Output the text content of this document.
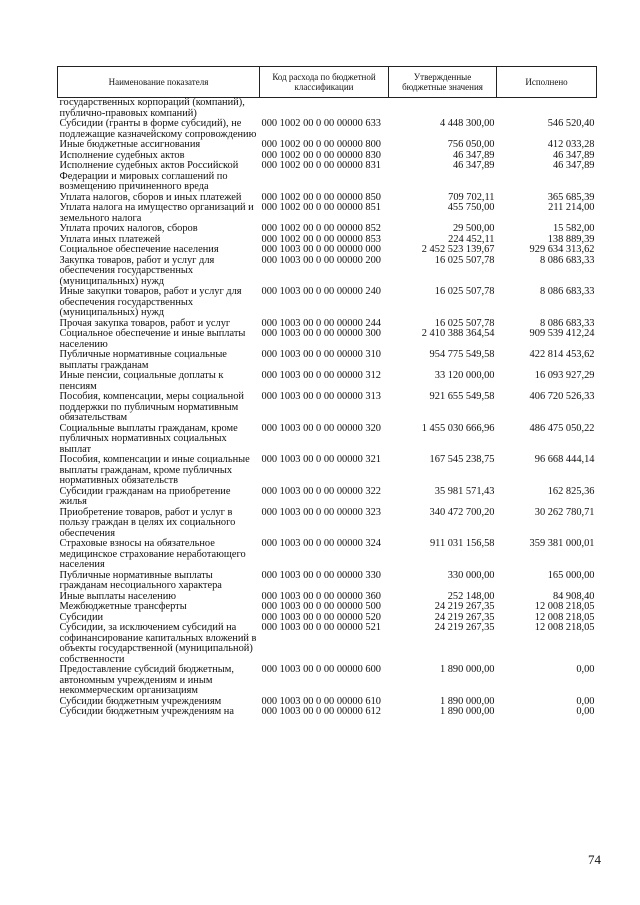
Наименование показателя	Код расхода по бюджетной классификации	Утвержденные бюджетные значения	Исполнено
государственных корпораций (компаний), публично-правовых компаний)			
Субсидии (гранты в форме субсидий), не подлежащие казначейскому сопровождению	000 1002 00 0 00 00000 633	4 448 300,00	546 520,40
Иные бюджетные ассигнования	000 1002 00 0 00 00000 800	756 050,00	412 033,28
Исполнение судебных актов	000 1002 00 0 00 00000 830	46 347,89	46 347,89
Исполнение судебных актов Российской Федерации и мировых соглашений по возмещению причиненного вреда	000 1002 00 0 00 00000 831	46 347,89	46 347,89
Уплата налогов, сборов и иных платежей	000 1002 00 0 00 00000 850	709 702,11	365 685,39
Уплата налога на имущество организаций и земельного налога	000 1002 00 0 00 00000 851	455 750,00	211 214,00
Уплата прочих налогов, сборов	000 1002 00 0 00 00000 852	29 500,00	15 582,00
Уплата иных платежей	000 1002 00 0 00 00000 853	224 452,11	138 889,39
Социальное обеспечение населения	000 1003 00 0 00 00000 000	2 452 523 139,67	929 634 313,62
Закупка товаров, работ и услуг для обеспечения государственных (муниципальных) нужд	000 1003 00 0 00 00000 200	16 025 507,78	8 086 683,33
Иные закупки товаров, работ и услуг для обеспечения государственных (муниципальных) нужд	000 1003 00 0 00 00000 240	16 025 507,78	8 086 683,33
Прочая закупка товаров, работ и услуг	000 1003 00 0 00 00000 244	16 025 507,78	8 086 683,33
Социальное обеспечение и иные выплаты населению	000 1003 00 0 00 00000 300	2 410 388 364,54	909 539 412,24
Публичные нормативные социальные выплаты гражданам	000 1003 00 0 00 00000 310	954 775 549,58	422 814 453,62
Иные пенсии, социальные доплаты к пенсиям	000 1003 00 0 00 00000 312	33 120 000,00	16 093 927,29
Пособия, компенсации, меры социальной поддержки по публичным нормативным обязательствам	000 1003 00 0 00 00000 313	921 655 549,58	406 720 526,33
Социальные выплаты гражданам, кроме публичных нормативных социальных выплат	000 1003 00 0 00 00000 320	1 455 030 666,96	486 475 050,22
Пособия, компенсации и иные социальные выплаты гражданам, кроме публичных нормативных обязательств	000 1003 00 0 00 00000 321	167 545 238,75	96 668 444,14
Субсидии гражданам на приобретение жилья	000 1003 00 0 00 00000 322	35 981 571,43	162 825,36
Приобретение товаров, работ и услуг в пользу граждан в целях их социального обеспечения	000 1003 00 0 00 00000 323	340 472 700,20	30 262 780,71
Страховые взносы на обязательное медицинское страхование неработающего населения	000 1003 00 0 00 00000 324	911 031 156,58	359 381 000,01
Публичные нормативные выплаты гражданам несоциального характера	000 1003 00 0 00 00000 330	330 000,00	165 000,00
Иные выплаты населению	000 1003 00 0 00 00000 360	252 148,00	84 908,40
Межбюджетные трансферты	000 1003 00 0 00 00000 500	24 219 267,35	12 008 218,05
Субсидии	000 1003 00 0 00 00000 520	24 219 267,35	12 008 218,05
Субсидии, за исключением субсидий на софинансирование капитальных вложений в объекты государственной (муниципальной) собственности	000 1003 00 0 00 00000 521	24 219 267,35	12 008 218,05
Предоставление субсидий бюджетным, автономным учреждениям и иным некоммерческим организациям	000 1003 00 0 00 00000 600	1 890 000,00	0,00
Субсидии бюджетным учреждениям	000 1003 00 0 00 00000 610	1 890 000,00	0,00
Субсидии бюджетным учреждениям на	000 1003 00 0 00 00000 612	1 890 000,00	0,00
74
